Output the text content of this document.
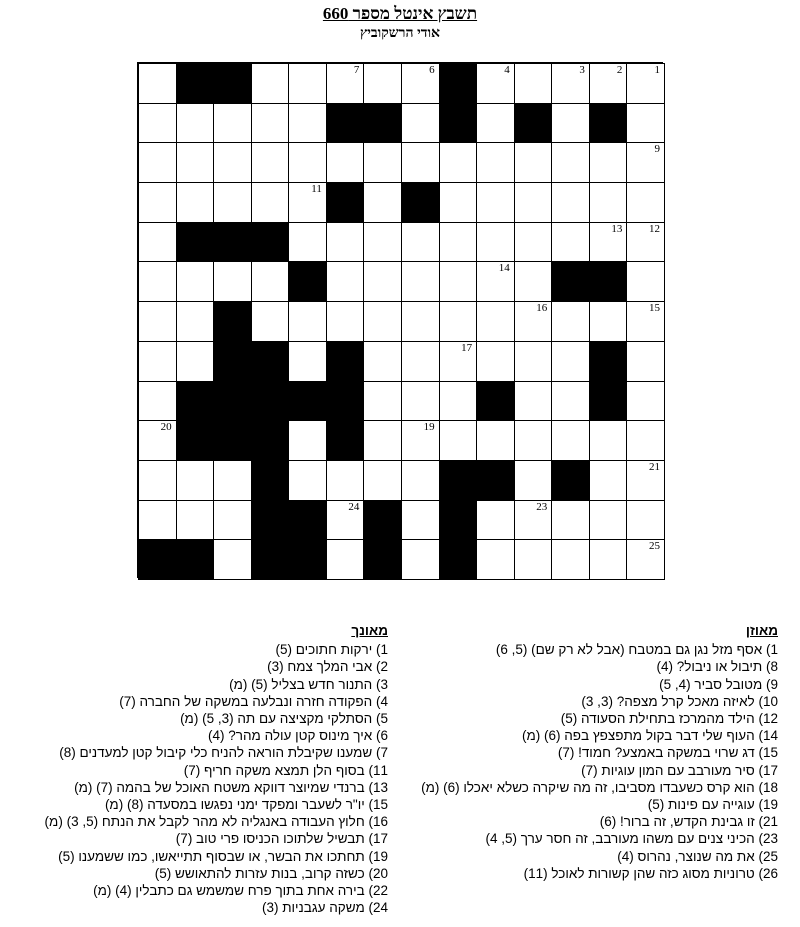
תשבץ אינטל מספר 660
אודי הרשקוביץ
1
2
3
4
6
7
9
11
12
13
14
15
16
17
19
20
21
23
24
25
מאוזן
1) אסף מזל נגן גם במטבח (אבל לא רק שם) (5, 6)
8) תיבול או ניבול? (4)
9) מטובל סביר (4, 5)
10) לאיזה מאכל קרל מצפה? (3, 3)
12) הילד מהמרכז בתחילת הסעודה (5)
14) העוף שלי דבר בקול מתפצפץ בפה (6) (מ)
15) דג שרוי במשקה באמצע? חמוד! (7)
17) סיר מעורבב עם המון עוגיות (7)
18) הוא קרס כשעבדו מסביבו, זה מה שיקרה כשלא יאכלו (6) (מ)
19) עוגייה עם פינות (5)
21) זו גבינת הקדש, זה ברור! (6)
23) הכיני צנים עם משהו מעורבב, זה חסר ערך (5, 4)
25) את מה שנוצר, נהרוס (4)
26) טרוניות מסוג כזה שהן קשורות לאוכל (11)
מאונך
1) ירקות חתוכים (5)
2) אבי המלך צמח (3)
3) התנור חדש בצליל (5) (מ)
4) הפקודה חזרה ונבלעה במשקה של החברה (7)
5) הסתלקי מקציצה עם תה (3, 5) (מ)
6) איך מינוס קטן עולה מהר? (4)
7) שמענו שקיבלת הוראה להניח כלי קיבול קטן למעדנים (8)
11) בסוף הלן תמצא משקה חריף (7)
13) ברנדי שמיוצר דווקא משטח האוכל של בהמה (7) (מ)
15) יו"ר לשעבר ומפקד ימני נפגשו במסעדה (8) (מ)
16) חלוץ העבודה באנגליה לא מהר לקבל את הנתח (5, 3) (מ)
17) תבשיל שלתוכו הכניסו פרי טוב (7)
19) תחתכו את הבשר, או שבסוף תתייאשו, כמו ששמענו (5)
20) כשזה קרוב, בנות עזרות להתאושש (5)
22) בירה אחת בתוך פרח שמשמש גם כתבלין (4) (מ)
24) משקה עגבניות (3)
